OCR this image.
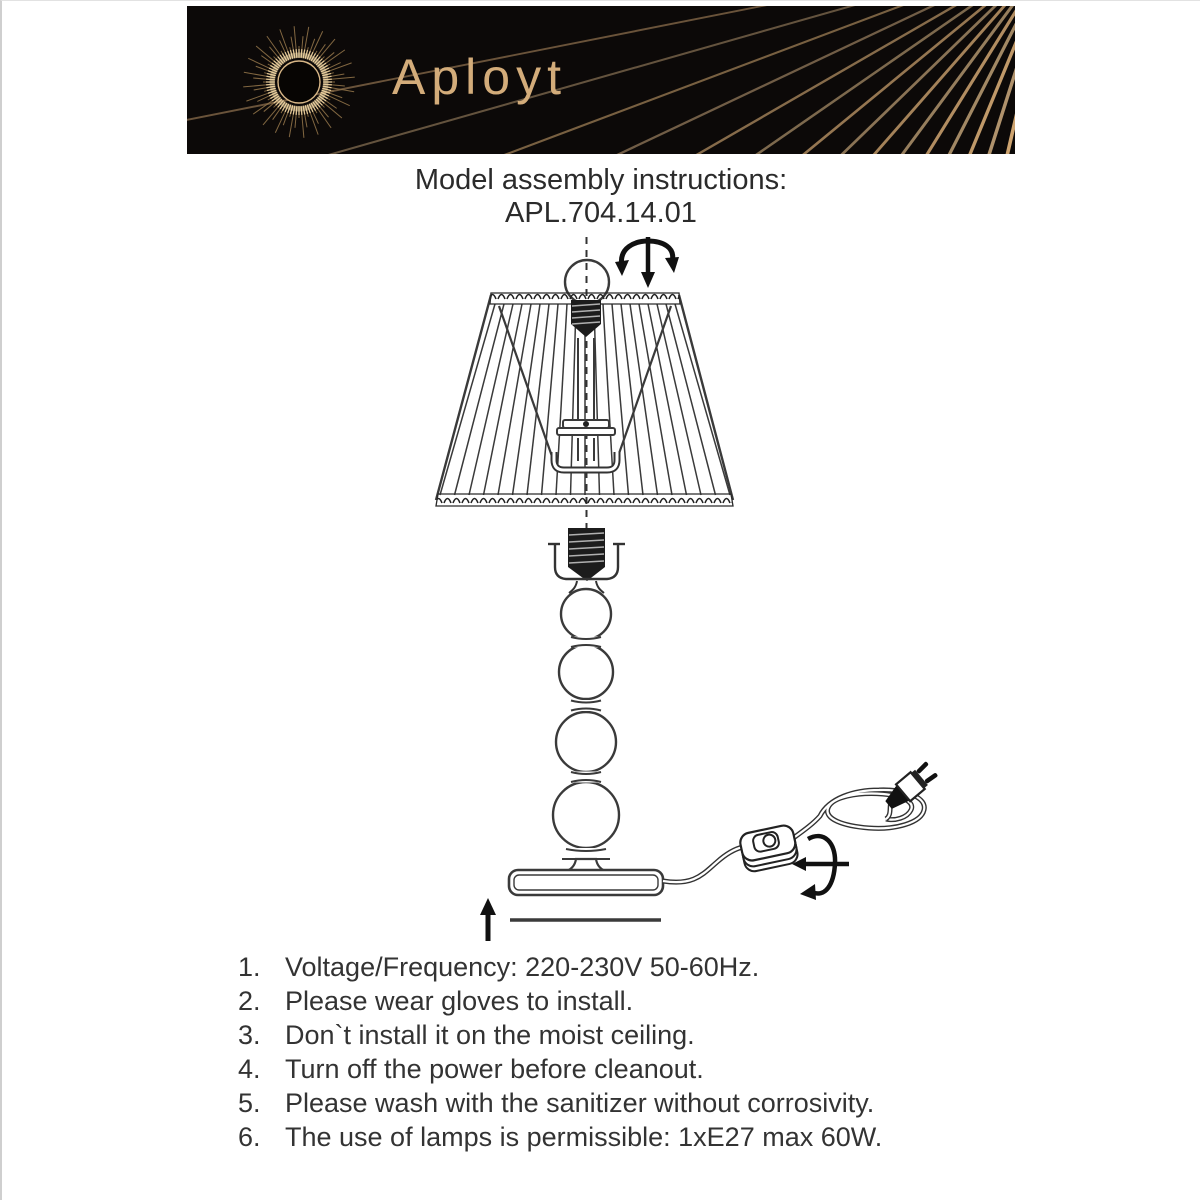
Aployt
Model assembly instructions:
APL.704.14.01
1. Voltage/Frequency: 220-230V 50-60Hz.
2. Please wear gloves to install.
3. Don`t install it on the moist ceiling.
4. Turn off the power before cleanout.
5. Please wash with the sanitizer without corrosivity.
6. The use of lamps is permissible: 1xE27 max 60W.
